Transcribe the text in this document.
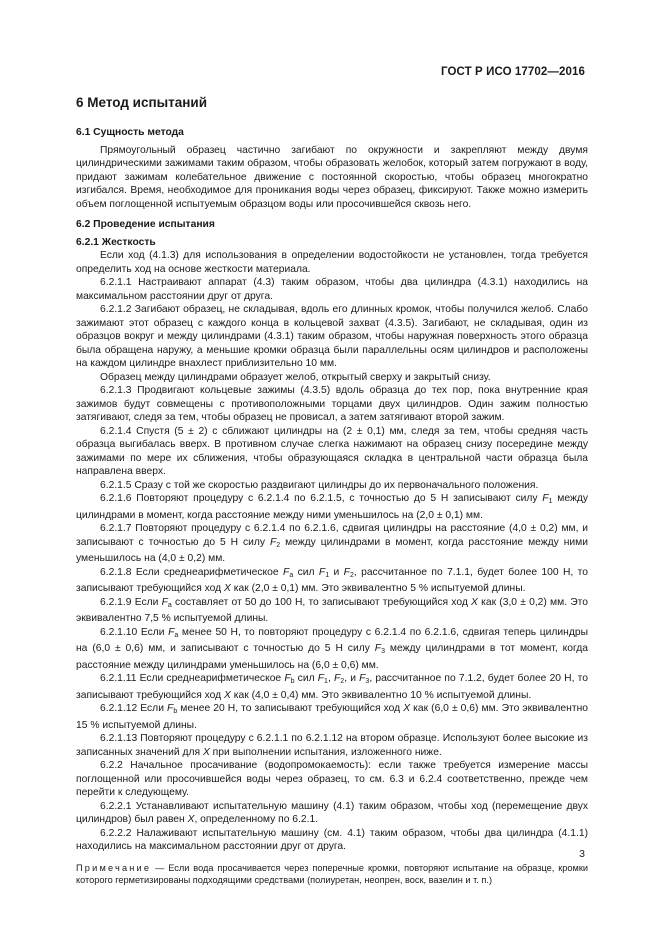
ГОСТ Р ИСО 17702—2016
6 Метод испытаний

6.1 Сущность метода

Прямоугольный образец частично загибают по окружности и закрепляют между двумя цилиндрическими зажимами таким образом, чтобы образовать желобок, который затем погружают в воду, придают зажимам колебательное движение с постоянной скоростью, чтобы образец многократно изгибался. Время, необходимое для проникания воды через образец, фиксируют. Также можно измерить объем поглощенной испытуемым образцом воды или просочившейся сквозь него.

6.2 Проведение испытания

6.2.1 Жесткость

Если ход (4.1.3) для использования в определении водостойкости не установлен, тогда требуется определить ход на основе жесткости материала.

6.2.1.1 Настраивают аппарат (4.3) таким образом, чтобы два цилиндра (4.3.1) находились на максимальном расстоянии друг от друга.

6.2.1.2 Загибают образец, не складывая, вдоль его длинных кромок, чтобы получился желоб. Слабо зажимают этот образец с каждого конца в кольцевой захват (4.3.5). Загибают, не складывая, один из образцов вокруг и между цилиндрами (4.3.1) таким образом, чтобы наружная поверхность этого образца была обращена наружу, а меньшие кромки образца были параллельны осям цилиндров и расположены на каждом цилиндре внахлест приблизительно 10 мм.

Образец между цилиндрами образует желоб, открытый сверху и закрытый снизу.

6.2.1.3 Продвигают кольцевые зажимы (4.3.5) вдоль образца до тех пор, пока внутренние края зажимов будут совмещены с противоположными торцами двух цилиндров. Один зажим полностью затягивают, следя за тем, чтобы образец не провисал, а затем затягивают второй зажим.

6.2.1.4 Спустя (5 ± 2) с сближают цилиндры на (2 ± 0,1) мм, следя за тем, чтобы средняя часть образца выгибалась вверх. В противном случае слегка нажимают на образец снизу посередине между зажимами по мере их сближения, чтобы образующаяся складка в центральной части образца была направлена вверх.

6.2.1.5 Сразу с той же скоростью раздвигают цилиндры до их первоначального положения.

6.2.1.6 Повторяют процедуру с 6.2.1.4 по 6.2.1.5, с точностью до 5 Н записывают силу $F_1$ между цилиндрами в момент, когда расстояние между ними уменьшилось на (2,0 ± 0,1) мм.

6.2.1.7 Повторяют процедуру с 6.2.1.4 по 6.2.1.6, сдвигая цилиндры на расстояние (4,0 ± 0,2) мм, и записывают с точностью до 5 Н силу $F_2$ между цилиндрами в момент, когда расстояние между ними уменьшилось на (4,0 ± 0,2) мм.

6.2.1.8 Если среднеарифметическое $F_a$ сил $F_1$ и $F_2$, рассчитанное по 7.1.1, будет более 100 Н, то записывают требующийся ход X как (2,0 ± 0,1) мм. Это эквивалентно 5 % испытуемой длины.

6.2.1.9 Если $F_a$ составляет от 50 до 100 Н, то записывают требующийся ход X как (3,0 ± 0,2) мм. Это эквивалентно 7,5 % испытуемой длины.

6.2.1.10 Если $F_a$ менее 50 Н, то повторяют процедуру с 6.2.1.4 по 6.2.1.6, сдвигая теперь цилиндры на (6,0 ± 0,6) мм, и записывают с точностью до 5 Н силу $F_3$ между цилиндрами в тот момент, когда расстояние между цилиндрами уменьшилось на (6,0 ± 0,6) мм.

6.2.1.11 Если среднеарифметическое $F_b$ сил $F_1$, $F_2$, и $F_3$, рассчитанное по 7.1.2, будет более 20 Н, то записывают требующийся ход X как (4,0 ± 0,4) мм. Это эквивалентно 10 % испытуемой длины.

6.2.1.12 Если $F_b$ менее 20 Н, то записывают требующийся ход X как (6,0 ± 0,6) мм. Это эквивалентно 15 % испытуемой длины.

6.2.1.13 Повторяют процедуру с 6.2.1.1 по 6.2.1.12 на втором образце. Используют более высокие из записанных значений для X при выполнении испытания, изложенного ниже.

6.2.2 Начальное просачивание (водопромокаемость): если также требуется измерение массы поглощенной или просочившейся воды через образец, то см. 6.3 и 6.2.4 соответственно, прежде чем перейти к следующему.

6.2.2.1 Устанавливают испытательную машину (4.1) таким образом, чтобы ход (перемещение двух цилиндров) был равен X, определенному по 6.2.1.

6.2.2.2 Налаживают испытательную машину (см. 4.1) таким образом, чтобы два цилиндра (4.1.1) находились на максимальном расстоянии друг от друга.

Примечание — Если вода просачивается через поперечные кромки, повторяют испытание на образце, кромки которого герметизированы подходящими средствами (полиуретан, неопрен, воск, вазелин и т. п.)

3
